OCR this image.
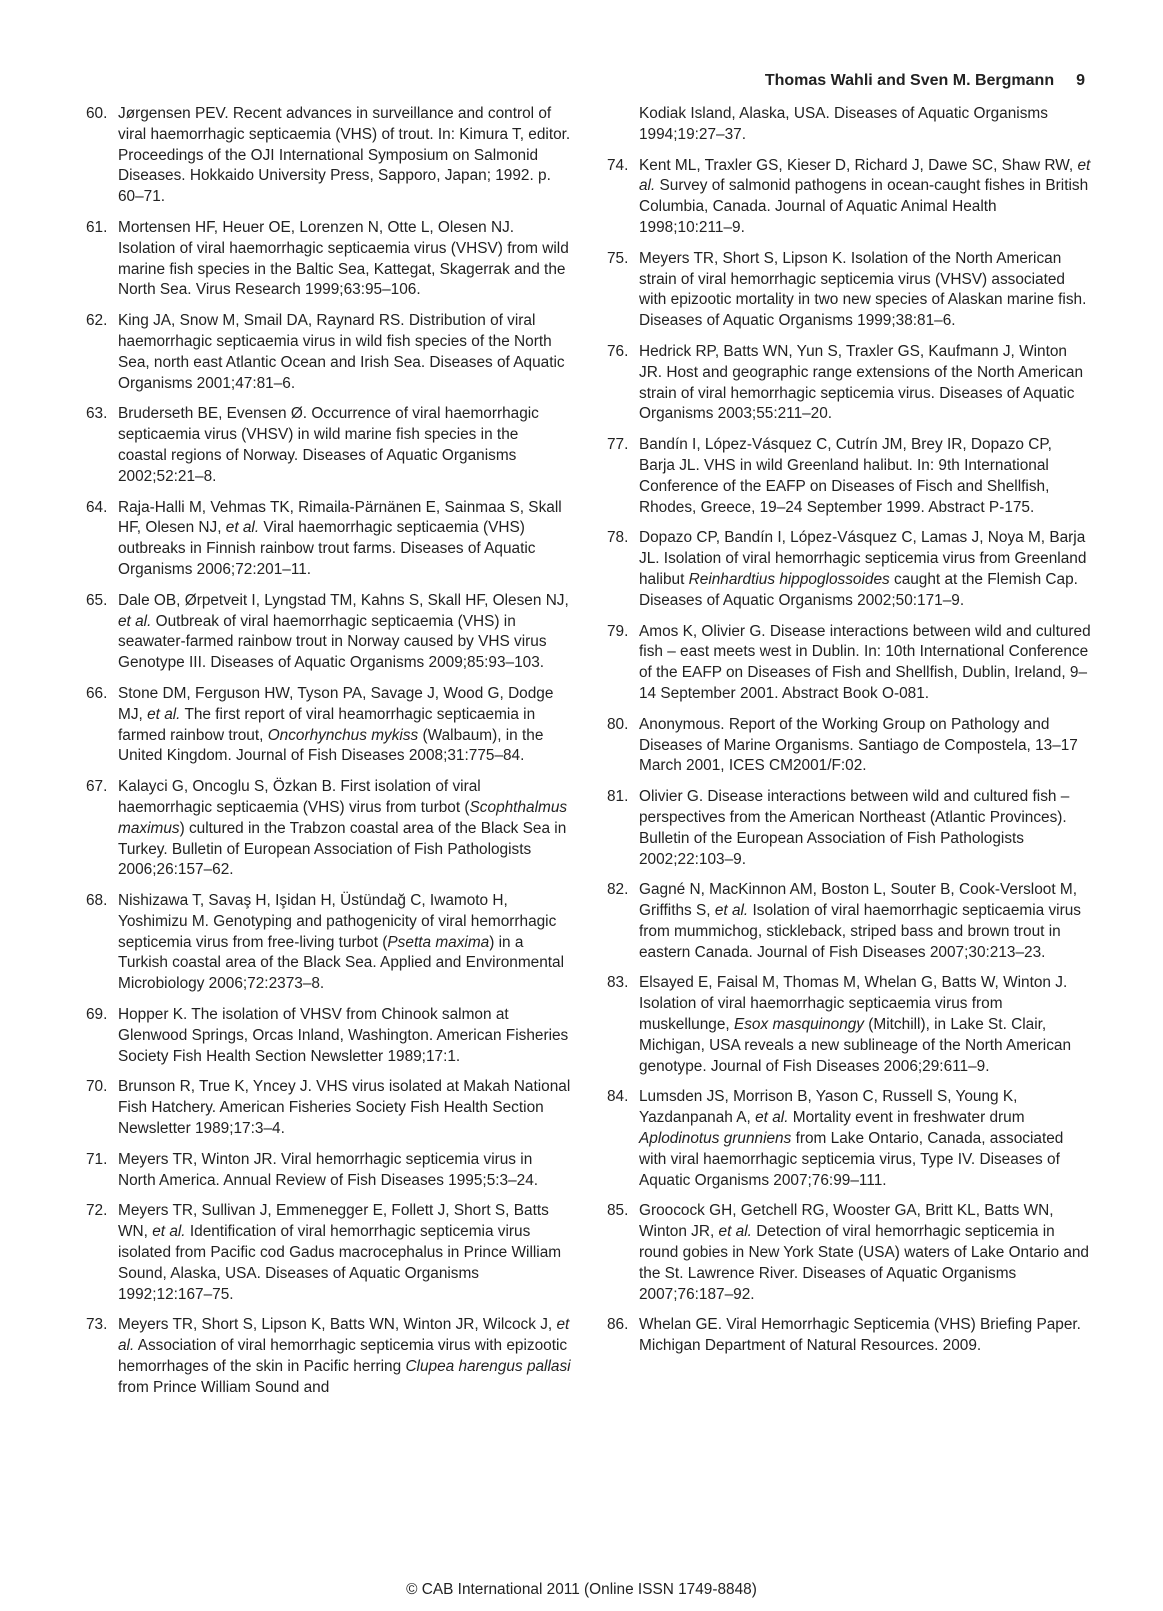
Thomas Wahli and Sven M. Bergmann 9
60. Jørgensen PEV. Recent advances in surveillance and control of viral haemorrhagic septicaemia (VHS) of trout. In: Kimura T, editor. Proceedings of the OJI International Symposium on Salmonid Diseases. Hokkaido University Press, Sapporo, Japan; 1992. p. 60–71.
61. Mortensen HF, Heuer OE, Lorenzen N, Otte L, Olesen NJ. Isolation of viral haemorrhagic septicaemia virus (VHSV) from wild marine fish species in the Baltic Sea, Kattegat, Skagerrak and the North Sea. Virus Research 1999;63:95–106.
62. King JA, Snow M, Smail DA, Raynard RS. Distribution of viral haemorrhagic septicaemia virus in wild fish species of the North Sea, north east Atlantic Ocean and Irish Sea. Diseases of Aquatic Organisms 2001;47:81–6.
63. Bruderseth BE, Evensen Ø. Occurrence of viral haemorrhagic septicaemia virus (VHSV) in wild marine fish species in the coastal regions of Norway. Diseases of Aquatic Organisms 2002;52:21–8.
64. Raja-Halli M, Vehmas TK, Rimaila-Pärnänen E, Sainmaa S, Skall HF, Olesen NJ, et al. Viral haemorrhagic septicaemia (VHS) outbreaks in Finnish rainbow trout farms. Diseases of Aquatic Organisms 2006;72:201–11.
65. Dale OB, Ørpetveit I, Lyngstad TM, Kahns S, Skall HF, Olesen NJ, et al. Outbreak of viral haemorrhagic septicaemia (VHS) in seawater-farmed rainbow trout in Norway caused by VHS virus Genotype III. Diseases of Aquatic Organisms 2009;85:93–103.
66. Stone DM, Ferguson HW, Tyson PA, Savage J, Wood G, Dodge MJ, et al. The first report of viral heamorrhagic septicaemia in farmed rainbow trout, Oncorhynchus mykiss (Walbaum), in the United Kingdom. Journal of Fish Diseases 2008;31:775–84.
67. Kalayci G, Oncoglu S, Özkan B. First isolation of viral haemorrhagic septicaemia (VHS) virus from turbot (Scophthalmus maximus) cultured in the Trabzon coastal area of the Black Sea in Turkey. Bulletin of European Association of Fish Pathologists 2006;26:157–62.
68. Nishizawa T, Savaş H, Işidan H, Üstündağ C, Iwamoto H, Yoshimizu M. Genotyping and pathogenicity of viral hemorrhagic septicemia virus from free-living turbot (Psetta maxima) in a Turkish coastal area of the Black Sea. Applied and Environmental Microbiology 2006;72:2373–8.
69. Hopper K. The isolation of VHSV from Chinook salmon at Glenwood Springs, Orcas Inland, Washington. American Fisheries Society Fish Health Section Newsletter 1989;17:1.
70. Brunson R, True K, Yncey J. VHS virus isolated at Makah National Fish Hatchery. American Fisheries Society Fish Health Section Newsletter 1989;17:3–4.
71. Meyers TR, Winton JR. Viral hemorrhagic septicemia virus in North America. Annual Review of Fish Diseases 1995;5:3–24.
72. Meyers TR, Sullivan J, Emmenegger E, Follett J, Short S, Batts WN, et al. Identification of viral hemorrhagic septicemia virus isolated from Pacific cod Gadus macrocephalus in Prince William Sound, Alaska, USA. Diseases of Aquatic Organisms 1992;12:167–75.
73. Meyers TR, Short S, Lipson K, Batts WN, Winton JR, Wilcock J, et al. Association of viral hemorrhagic septicemia virus with epizootic hemorrhages of the skin in Pacific herring Clupea harengus pallasi from Prince William Sound and
Kodiak Island, Alaska, USA. Diseases of Aquatic Organisms 1994;19:27–37.
74. Kent ML, Traxler GS, Kieser D, Richard J, Dawe SC, Shaw RW, et al. Survey of salmonid pathogens in ocean-caught fishes in British Columbia, Canada. Journal of Aquatic Animal Health 1998;10:211–9.
75. Meyers TR, Short S, Lipson K. Isolation of the North American strain of viral hemorrhagic septicemia virus (VHSV) associated with epizootic mortality in two new species of Alaskan marine fish. Diseases of Aquatic Organisms 1999;38:81–6.
76. Hedrick RP, Batts WN, Yun S, Traxler GS, Kaufmann J, Winton JR. Host and geographic range extensions of the North American strain of viral hemorrhagic septicemia virus. Diseases of Aquatic Organisms 2003;55:211–20.
77. Bandín I, López-Vásquez C, Cutrín JM, Brey IR, Dopazo CP, Barja JL. VHS in wild Greenland halibut. In: 9th International Conference of the EAFP on Diseases of Fisch and Shellfish, Rhodes, Greece, 19–24 September 1999. Abstract P-175.
78. Dopazo CP, Bandín I, López-Vásquez C, Lamas J, Noya M, Barja JL. Isolation of viral hemorrhagic septicemia virus from Greenland halibut Reinhardtius hippoglossoides caught at the Flemish Cap. Diseases of Aquatic Organisms 2002;50:171–9.
79. Amos K, Olivier G. Disease interactions between wild and cultured fish – east meets west in Dublin. In: 10th International Conference of the EAFP on Diseases of Fish and Shellfish, Dublin, Ireland, 9–14 September 2001. Abstract Book O-081.
80. Anonymous. Report of the Working Group on Pathology and Diseases of Marine Organisms. Santiago de Compostela, 13–17 March 2001, ICES CM2001/F:02.
81. Olivier G. Disease interactions between wild and cultured fish – perspectives from the American Northeast (Atlantic Provinces). Bulletin of the European Association of Fish Pathologists 2002;22:103–9.
82. Gagné N, MacKinnon AM, Boston L, Souter B, Cook-Versloot M, Griffiths S, et al. Isolation of viral haemorrhagic septicaemia virus from mummichog, stickleback, striped bass and brown trout in eastern Canada. Journal of Fish Diseases 2007;30:213–23.
83. Elsayed E, Faisal M, Thomas M, Whelan G, Batts W, Winton J. Isolation of viral haemorrhagic septicaemia virus from muskellunge, Esox masquinongy (Mitchill), in Lake St. Clair, Michigan, USA reveals a new sublineage of the North American genotype. Journal of Fish Diseases 2006;29:611–9.
84. Lumsden JS, Morrison B, Yason C, Russell S, Young K, Yazdanpanah A, et al. Mortality event in freshwater drum Aplodinotus grunniens from Lake Ontario, Canada, associated with viral haemorrhagic septicemia virus, Type IV. Diseases of Aquatic Organisms 2007;76:99–111.
85. Groocock GH, Getchell RG, Wooster GA, Britt KL, Batts WN, Winton JR, et al. Detection of viral hemorrhagic septicemia in round gobies in New York State (USA) waters of Lake Ontario and the St. Lawrence River. Diseases of Aquatic Organisms 2007;76:187–92.
86. Whelan GE. Viral Hemorrhagic Septicemia (VHS) Briefing Paper. Michigan Department of Natural Resources. 2009.
© CAB International 2011 (Online ISSN 1749-8848)
